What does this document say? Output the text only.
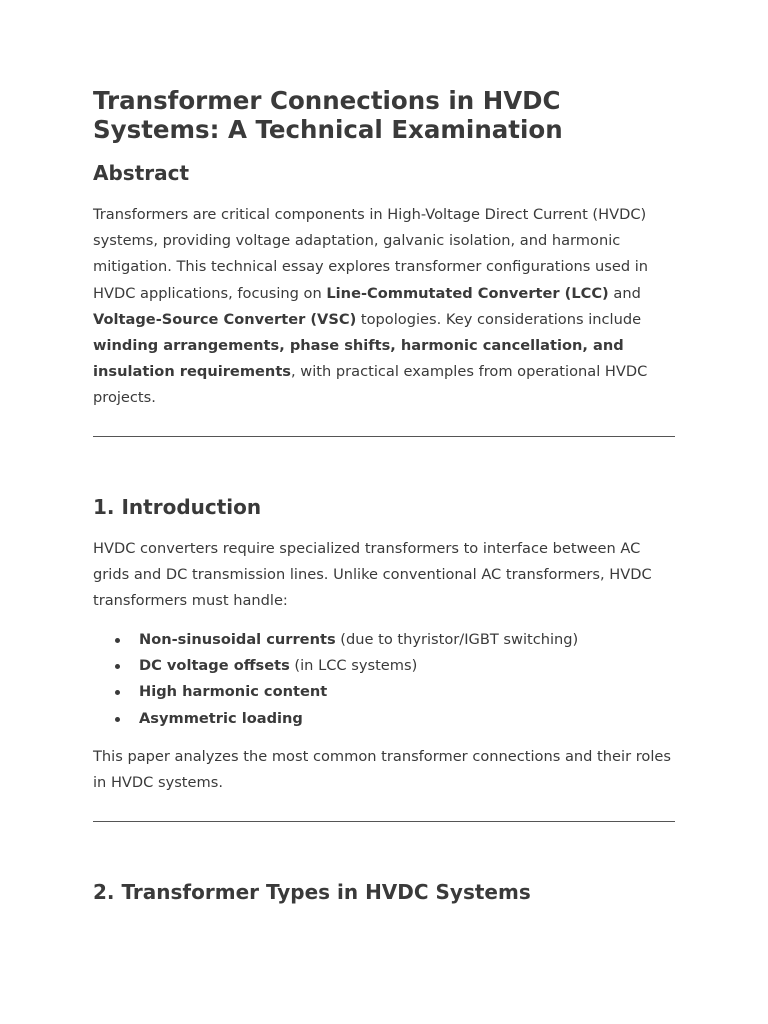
Transformer Connections in HVDC Systems: A Technical Examination
Abstract

Transformers are critical components in High-Voltage Direct Current (HVDC) systems, providing voltage adaptation, galvanic isolation, and harmonic mitigation. This technical essay explores transformer configurations used in HVDC applications, focusing on Line-Commutated Converter (LCC) and Voltage-Source Converter (VSC) topologies. Key considerations include winding arrangements, phase shifts, harmonic cancellation, and insulation requirements, with practical examples from operational HVDC projects.

1. Introduction

HVDC converters require specialized transformers to interface between AC grids and DC transmission lines. Unlike conventional AC transformers, HVDC transformers must handle:

Non-sinusoidal currents (due to thyristor/IGBT switching)
DC voltage offsets (in LCC systems)
High harmonic content
Asymmetric loading

This paper analyzes the most common transformer connections and their roles in HVDC systems.

2. Transformer Types in HVDC Systems
